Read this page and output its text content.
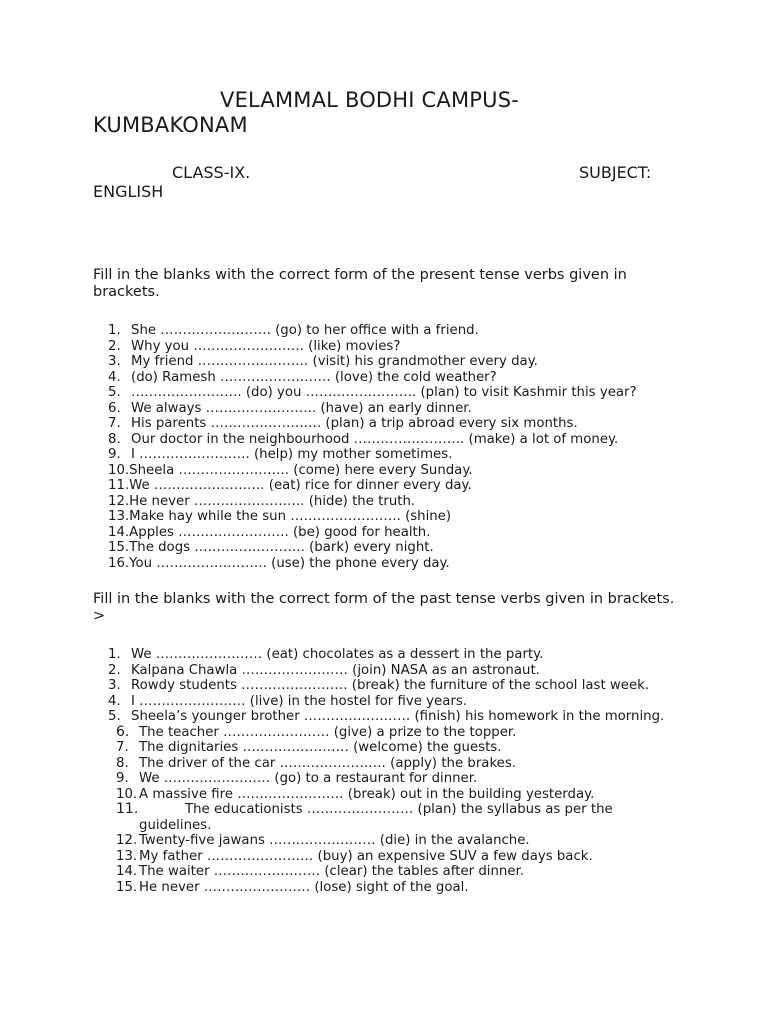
VELAMMAL BODHI CAMPUS-
KUMBAKONAM
CLASS-IX.	SUBJECT:
ENGLISH
Fill in the blanks with the correct form of the present tense verbs given in brackets.
1. She ……………………. (go) to her office with a friend.
2. Why you ……………………. (like) movies?
3. My friend ……………………. (visit) his grandmother every day.
4. (do) Ramesh ……………………. (love) the cold weather?
5. ……………………. (do) you ……………………. (plan) to visit Kashmir this year?
6. We always ……………………. (have) an early dinner.
7. His parents ……………………. (plan) a trip abroad every six months.
8. Our doctor in the neighbourhood ……………………. (make) a lot of money.
9. I ……………………. (help) my mother sometimes.
10.Sheela ……………………. (come) here every Sunday.
11.We ……………………. (eat) rice for dinner every day.
12.He never ……………………. (hide) the truth.
13.Make hay while the sun ……………………. (shine)
14.Apples ……………………. (be) good for health.
15.The dogs ……………………. (bark) every night.
16.You ……………………. (use) the phone every day.
Fill in the blanks with the correct form of the past tense verbs given in brackets. >
1. We …………………… (eat) chocolates as a dessert in the party.
2. Kalpana Chawla …………………… (join) NASA as an astronaut.
3. Rowdy students …………………… (break) the furniture of the school last week.
4. I …………………… (live) in the hostel for five years.
5. Sheela’s younger brother …………………… (finish) his homework in the morning.
6. The teacher …………………… (give) a prize to the topper.
7. The dignitaries …………………… (welcome) the guests.
8. The driver of the car …………………… (apply) the brakes.
9. We …………………… (go) to a restaurant for dinner.
10. A massive fire …………………… (break) out in the building yesterday.
11.	The educationists …………………… (plan) the syllabus as per the guidelines.
12. Twenty-five jawans …………………… (die) in the avalanche.
13. My father …………………… (buy) an expensive SUV a few days back.
14. The waiter …………………… (clear) the tables after dinner.
15. He never …………………… (lose) sight of the goal.
